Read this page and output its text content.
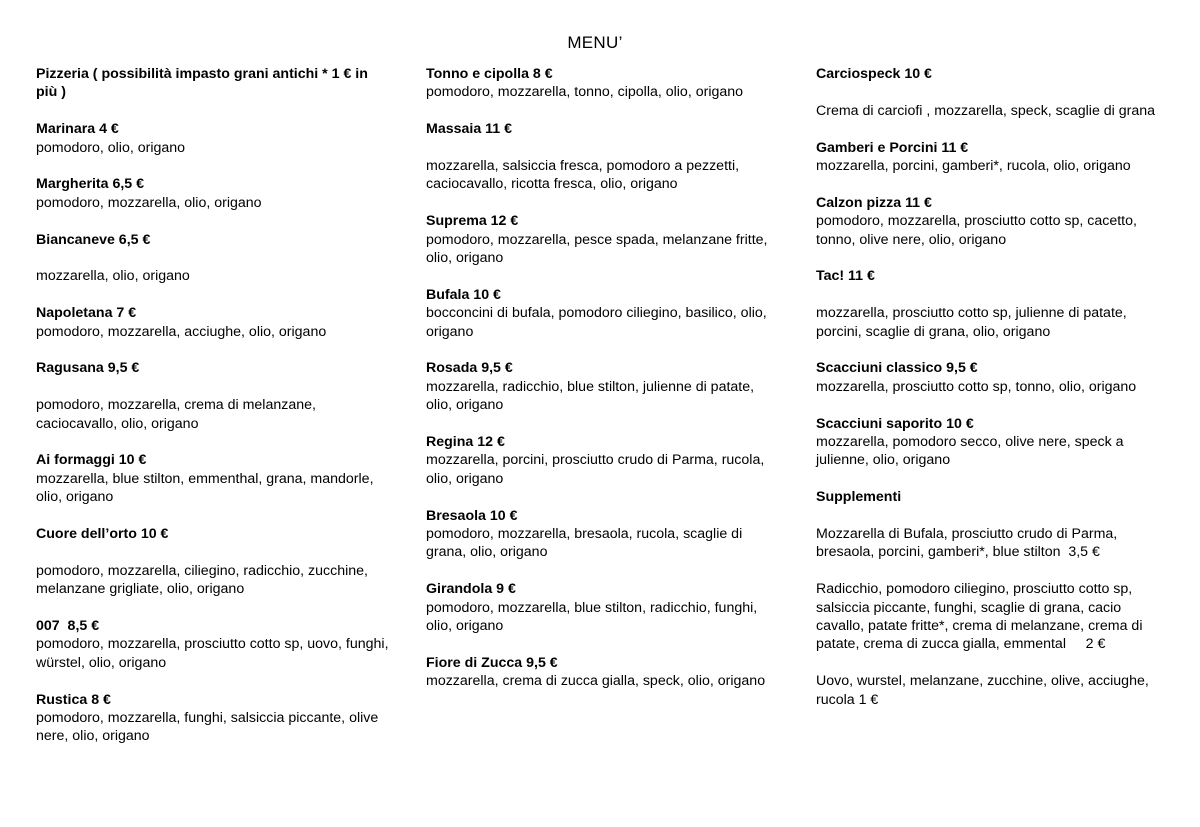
MENU’
Pizzeria ( possibilità impasto grani antichi * 1 € in più )
Marinara 4 €
pomodoro, olio, origano
Margherita 6,5 €
pomodoro, mozzarella, olio, origano
Biancaneve 6,5 €
mozzarella, olio, origano
Napoletana 7 €
pomodoro, mozzarella, acciughe, olio, origano
Ragusana 9,5 €
pomodoro, mozzarella, crema di melanzane, caciocavallo, olio, origano
Ai formaggi 10 €
mozzarella, blue stilton, emmenthal, grana, mandorle, olio, origano
Cuore dell’orto 10 €
pomodoro, mozzarella, ciliegino, radicchio, zucchine, melanzane grigliate, olio, origano
007  8,5 €
pomodoro, mozzarella, prosciutto cotto sp, uovo, funghi, würstel, olio, origano
Rustica 8 €
pomodoro, mozzarella, funghi, salsiccia piccante, olive nere, olio, origano
Tonno e cipolla 8 €
pomodoro, mozzarella, tonno, cipolla, olio, origano
Massaia 11 €
mozzarella, salsicciа fresca, pomodoro a pezzetti, caciocavallo, ricotta fresca, olio, origano
Suprema 12 €
pomodoro, mozzarella, pesce spada, melanzane fritte, olio, origano
Bufala 10 €
bocconcini di bufala, pomodoro ciliegino, basilico, olio, origano
Rosada 9,5 €
mozzarella, radicchio, blue stilton, julienne di patate, olio, origano
Regina 12 €
mozzarella, porcini, prosciutto crudo di Parma, rucola, olio, origano
Bresaola 10 €
pomodoro, mozzarella, bresaola, rucola, scaglie di grana, olio, origano
Girandola 9 €
pomodoro, mozzarella, blue stilton, radicchio, funghi, olio, origano
Fiore di Zucca 9,5 €
mozzarella, crema di zucca gialla, speck, olio, origano
Carciospeck 10 €
Crema di carciofi , mozzarella, speck, scaglie di grana
Gamberi e Porcini 11 €
mozzarella, porcini, gamberi*, rucola, olio, origano
Calzon pizza 11 €
pomodoro, mozzarella, prosciutto cotto sp, cacetto, tonno, olive nere, olio, origano
Tac! 11 €
mozzarella, prosciutto cotto sp, julienne di patate, porcini, scaglie di grana, olio, origano
Scacciuni classico 9,5 €
mozzarella, prosciutto cotto sp, tonno, olio, origano
Scacciuni saporito 10 €
mozzarella, pomodoro secco, olive nere, speck a julienne, olio, origano
Supplementi
Mozzarella di Bufala, prosciutto crudo di Parma, bresaola, porcini, gamberi*, blue stilton  3,5 €
Radicchio, pomodoro ciliegino, prosciutto cotto sp, salsiccia piccante, funghi, scaglie di grana, cacio cavallo, patate fritte*, crema di melanzane, crema di patate, crema di zucca gialla, emmental     2 €
Uovo, wurstel, melanzane, zucchine, olive, acciughe, rucola 1 €
